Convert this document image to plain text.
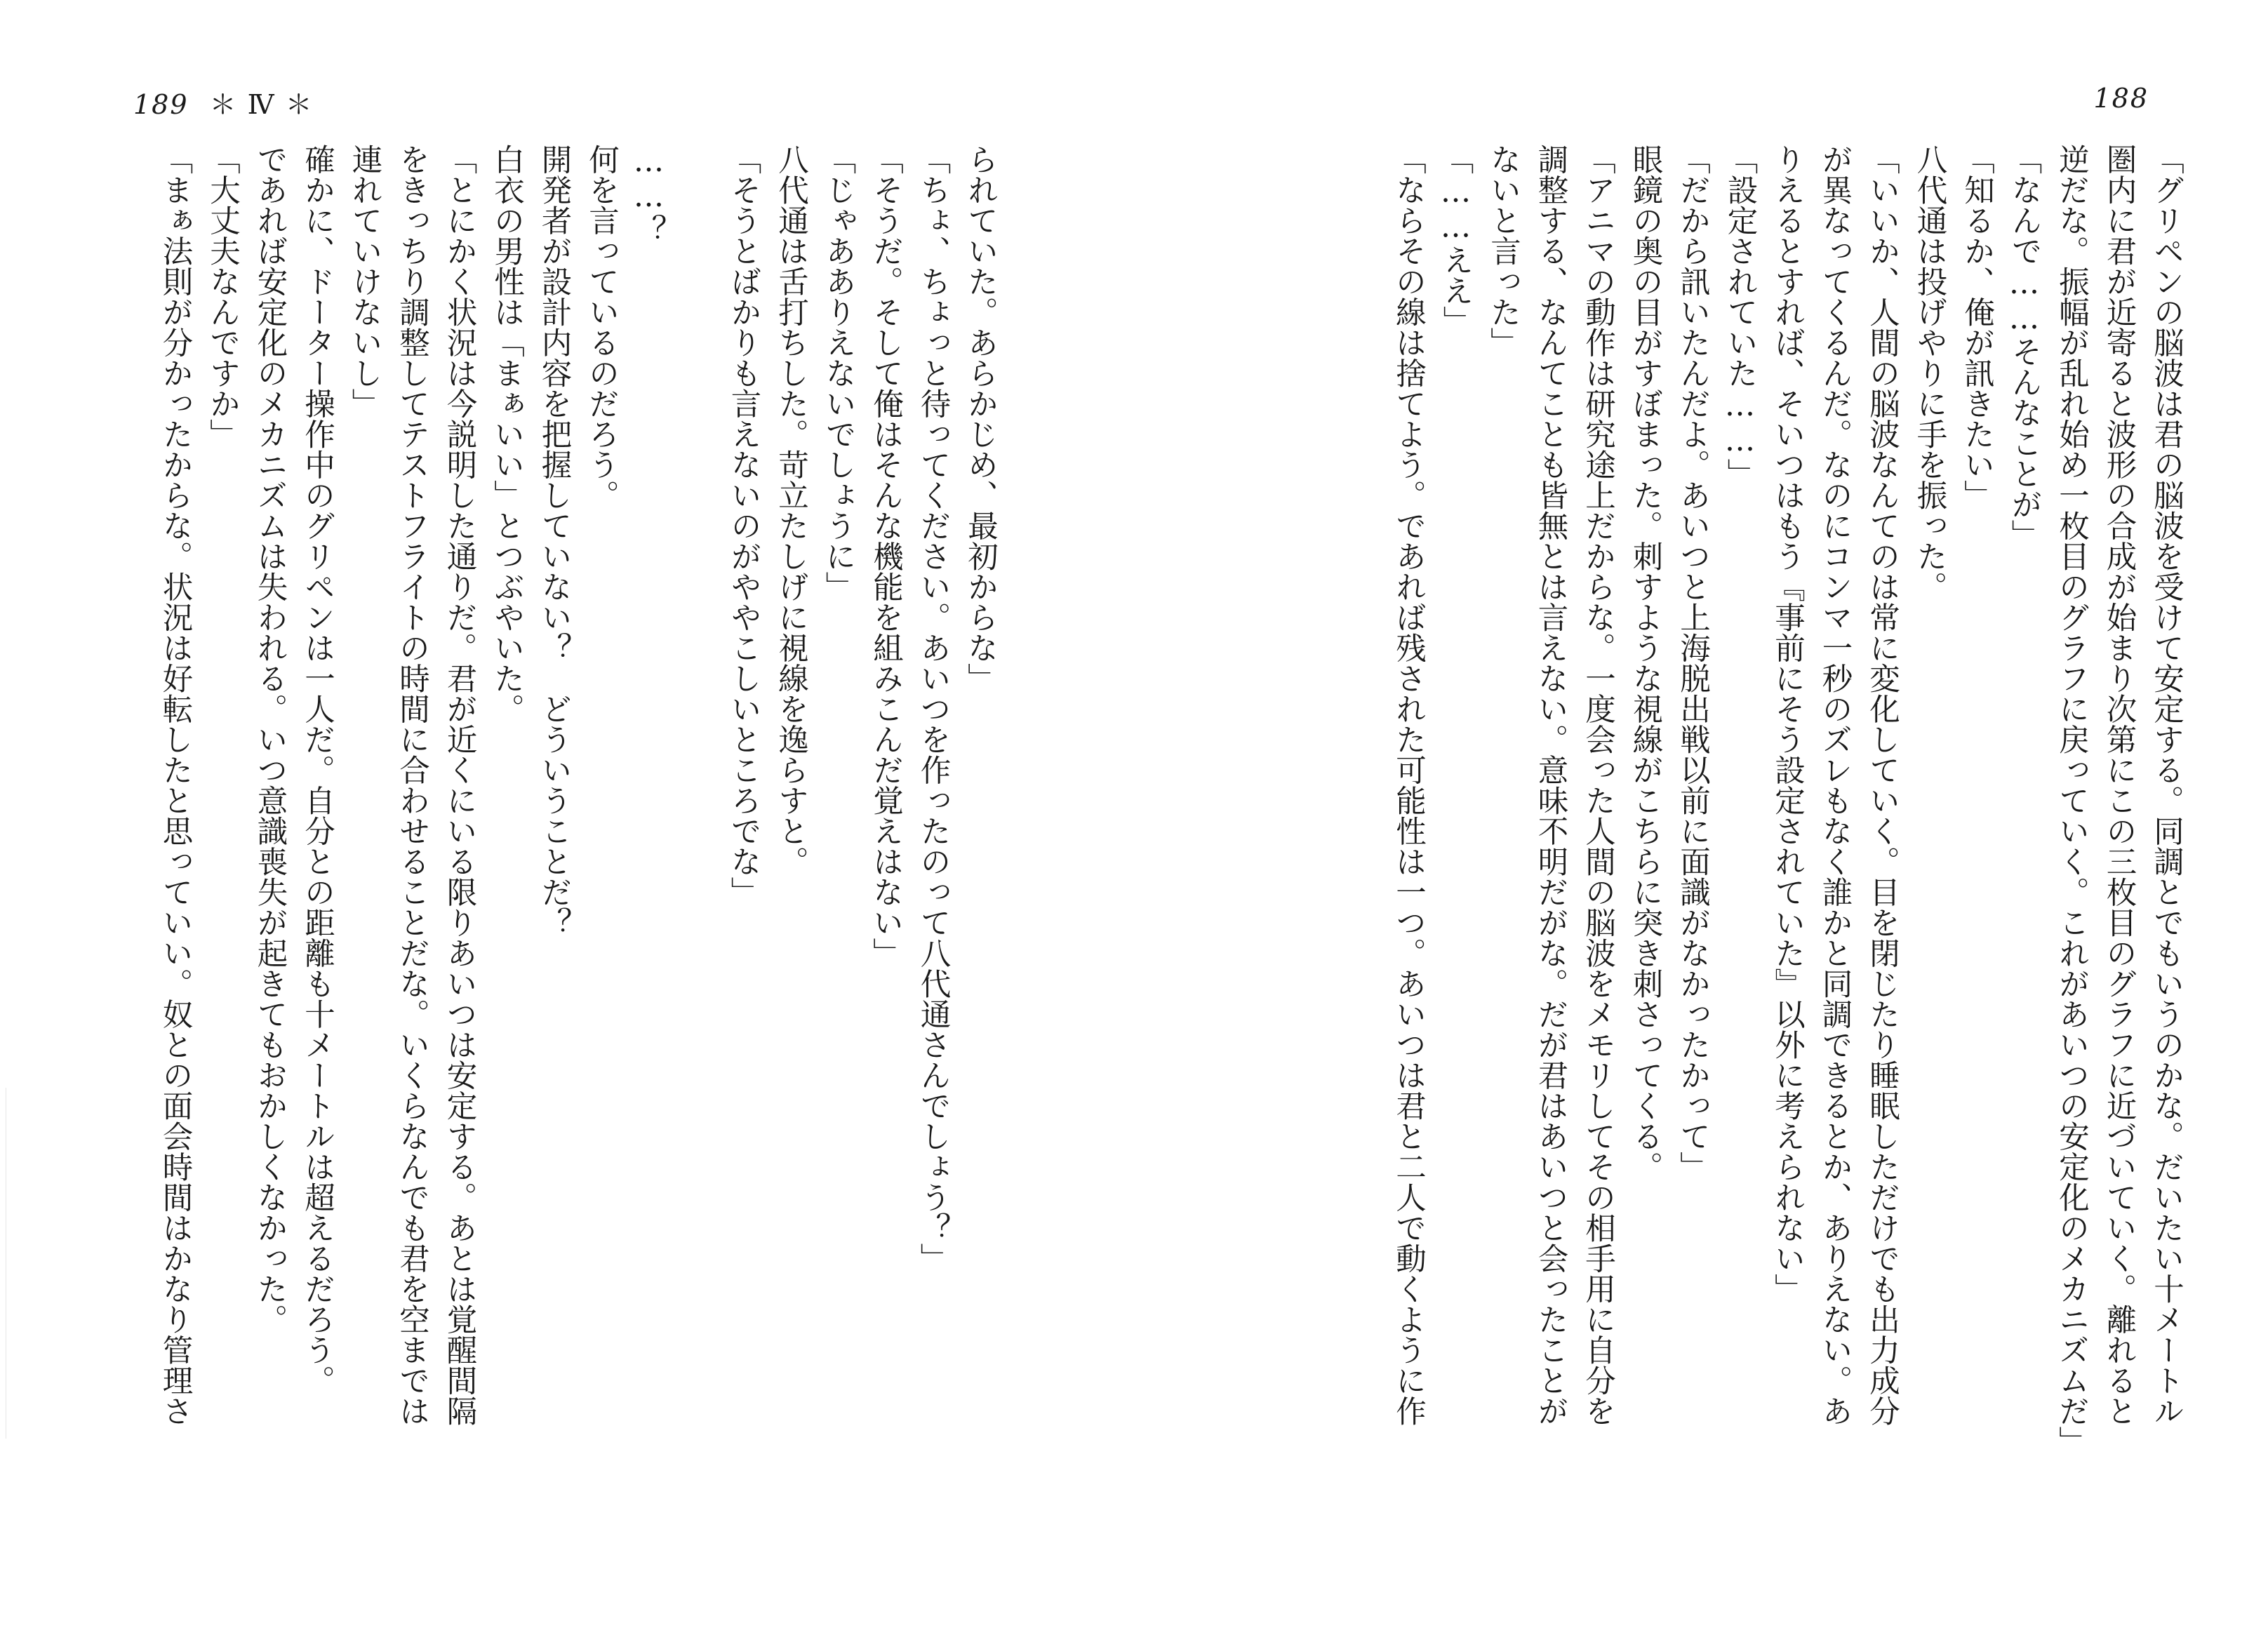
189 ＊ Ⅳ ＊	188

「グリペンの脳波は君の脳波を受けて安定する。同調とでもいうのかな。だいたい十メートル

圏内に君が近寄ると波形の合成が始まり次第にこの三枚目のグラフに近づいていく。離れると

逆だな。振幅が乱れ始め一枚目のグラフに戻っていく。これがあいつの安定化のメカニズムだ」

「なんで……そんなことが」

「知るか、俺が訊きたい」

八代通は投げやりに手を振った。

「いいか、人間の脳波なんてのは常に変化していく。目を閉じたり睡眠しただけでも出力成分

が異なってくるんだ。なのにコンマ一秒のズレもなく誰かと同調できるとか、ありえない。あ

りえるとすれば、そいつはもう『事前にそう設定されていた』以外に考えられない」

「設定されていた……」

「だから訊いたんだよ。あいつと上海脱出戦以前に面識がなかったかって」

眼鏡の奥の目がすぼまった。刺すような視線がこちらに突き刺さってくる。

「アニマの動作は研究途上だからな。一度会った人間の脳波をメモリしてその相手用に自分を

調整する、なんてことも皆無とは言えない。意味不明だがな。だが君はあいつと会ったことが

ないと言った」

「……ええ」

「ならその線は捨てよう。であれば残された可能性は一つ。あいつは君と二人で動くように作

られていた。あらかじめ、最初からな」

「ちょ、ちょっと待ってください。あいつを作ったのって八代通さんでしょう？」

「そうだ。そして俺はそんな機能を組みこんだ覚えはない」

「じゃあありえないでしょうに」

八代通は舌打ちした。苛立たしげに視線を逸らすと。

「そうとばかりも言えないのがややこしいところでな」

……？

何を言っているのだろう。

開発者が設計内容を把握していない？　どういうことだ？

白衣の男性は「まぁいい」とつぶやいた。

「とにかく状況は今説明した通りだ。君が近くにいる限りあいつは安定する。あとは覚醒間隔

をきっちり調整してテストフライトの時間に合わせることだな。いくらなんでも君を空までは

連れていけないし」

確かに、ドーター操作中のグリペンは一人だ。自分との距離も十メートルは超えるだろう。

であれば安定化のメカニズムは失われる。いつ意識喪失が起きてもおかしくなかった。

「大丈夫なんですか」

「まぁ法則が分かったからな。状況は好転したと思っていい。奴との面会時間はかなり管理さ
